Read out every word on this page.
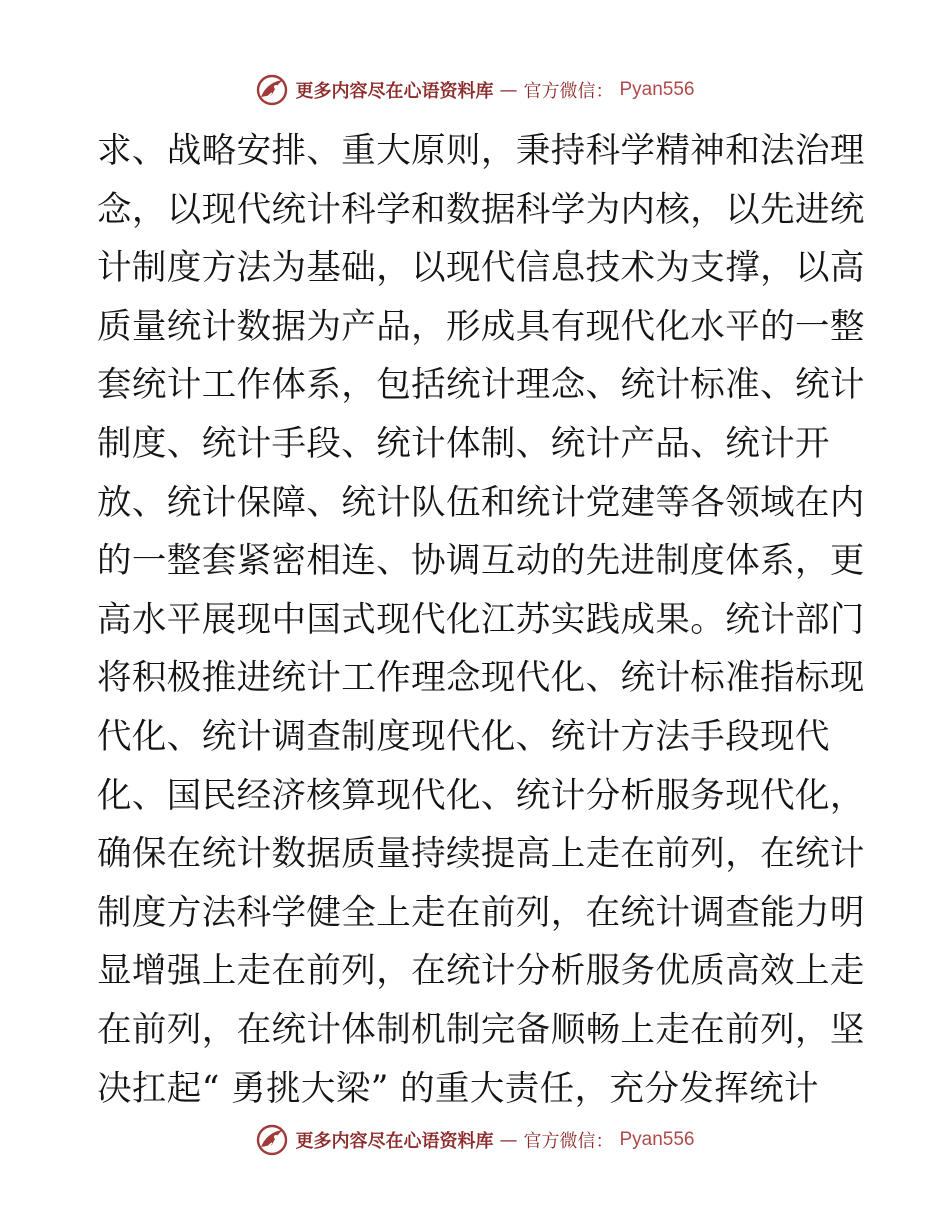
更多内容尽在心语资料库 — 官方微信： Pyan556
求、战略安排、重大原则，秉持科学精神和法治理
念，以现代统计科学和数据科学为内核，以先进统
计制度方法为基础，以现代信息技术为支撑，以高
质量统计数据为产品，形成具有现代化水平的一整
套统计工作体系，包括统计理念、统计标准、统计
制度、统计手段、统计体制、统计产品、统计开
放、统计保障、统计队伍和统计党建等各领域在内
的一整套紧密相连、协调互动的先进制度体系，更
高水平展现中国式现代化江苏实践成果。统计部门
将积极推进统计工作理念现代化、统计标准指标现
代化、统计调查制度现代化、统计方法手段现代
化、国民经济核算现代化、统计分析服务现代化，
确保在统计数据质量持续提高上走在前列，在统计
制度方法科学健全上走在前列，在统计调查能力明
显增强上走在前列，在统计分析服务优质高效上走
在前列，在统计体制机制完备顺畅上走在前列，坚
决扛起“ 勇挑大梁” 的重大责任，充分发挥统计
更多内容尽在心语资料库 — 官方微信： Pyan556
